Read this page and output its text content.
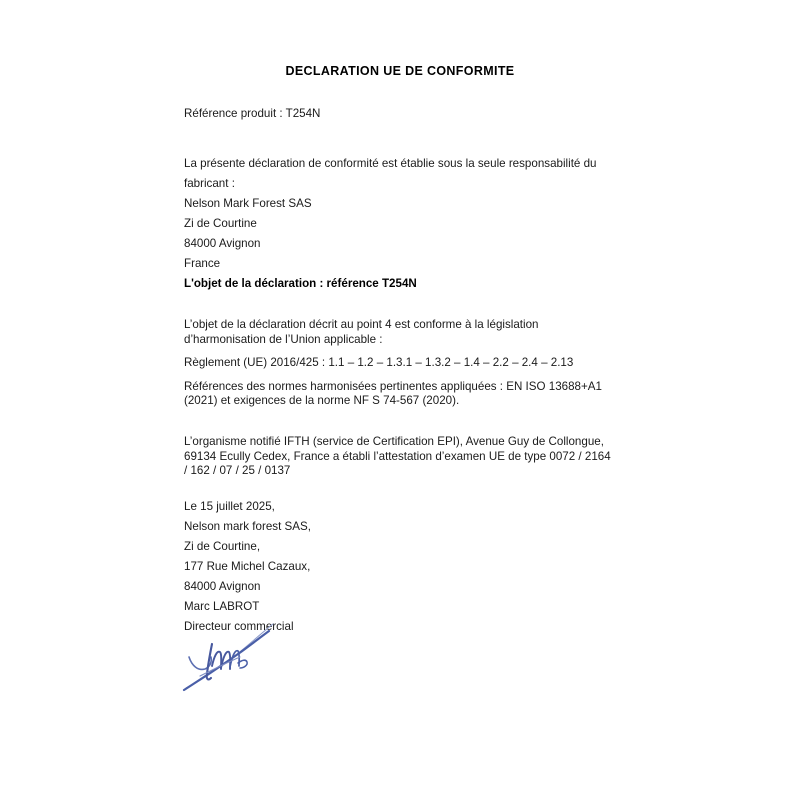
DECLARATION UE DE CONFORMITE
Référence produit : T254N
La présente déclaration de conformité est établie sous la seule responsabilité du fabricant :
Nelson Mark Forest SAS
Zi de Courtine
84000 Avignon
France
L'objet de la déclaration : référence T254N
L’objet de la déclaration décrit au point 4 est conforme à la législation d’harmonisation de l’Union applicable :
Règlement (UE) 2016/425 : 1.1 – 1.2 – 1.3.1 – 1.3.2 – 1.4 – 2.2 – 2.4 – 2.13
Références des normes harmonisées pertinentes appliquées : EN ISO 13688+A1 (2021) et exigences de la norme NF S 74-567 (2020).
L’organisme notifié IFTH (service de Certification EPI), Avenue Guy de Collongue, 69134 Ecully Cedex, France a établi l’attestation d’examen UE de type 0072 / 2164 / 162 / 07 / 25 / 0137
Le 15 juillet 2025,
Nelson mark forest SAS,
Zi de Courtine,
177 Rue Michel Cazaux,
84000 Avignon
Marc LABROT
Directeur commercial
